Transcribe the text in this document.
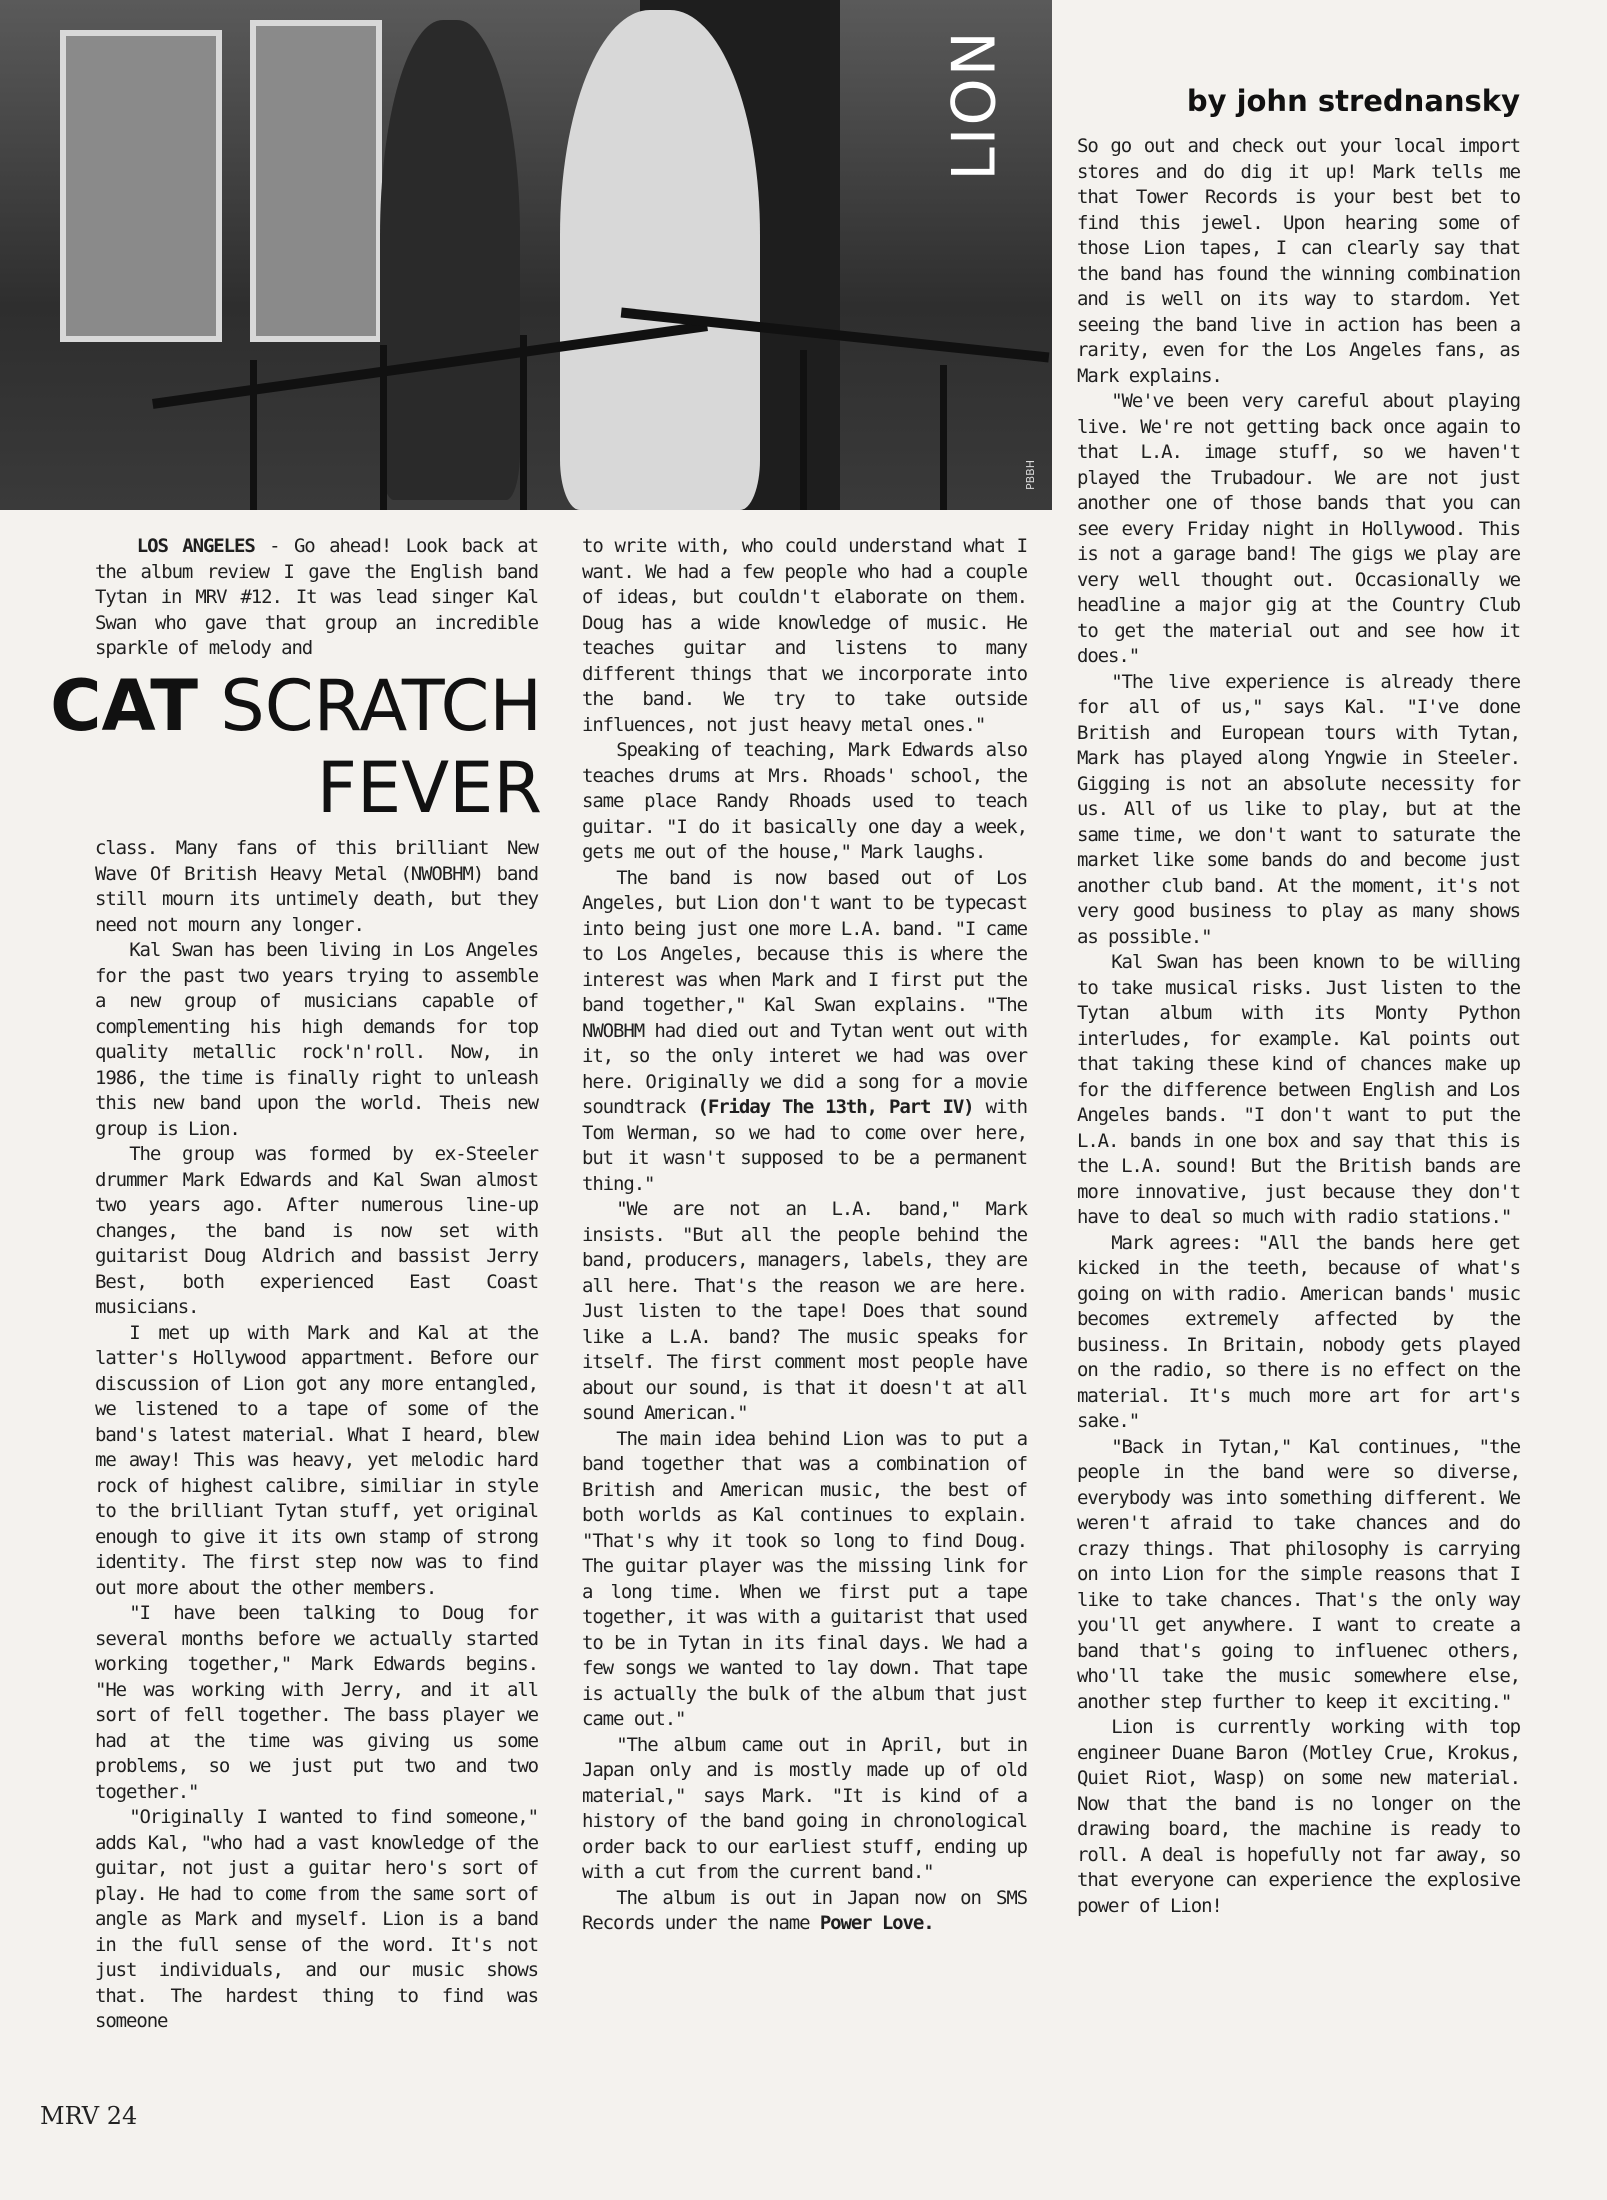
PBBH
LION	by john strednansky

LOS ANGELES - Go ahead! Look back at the album review I gave the English band Tytan in MRV #12. It was lead singer Kal Swan who gave that group an incredible sparkle of melody and

CAT SCRATCH
FEVER

class. Many fans of this brilliant New Wave Of British Heavy Metal (NWOBHM) band still mourn its untimely death, but they need not mourn any longer.

Kal Swan has been living in Los Angeles for the past two years trying to assemble a new group of musicians capable of complementing his high demands for top quality metallic rock'n'roll. Now, in 1986, the time is finally right to unleash this new band upon the world. Theis new group is Lion.

The group was formed by ex-Steeler drummer Mark Edwards and Kal Swan almost two years ago. After numerous line-up changes, the band is now set with guitarist Doug Aldrich and bassist Jerry Best, both experienced East Coast musicians.

I met up with Mark and Kal at the latter's Hollywood appartment. Before our discussion of Lion got any more entangled, we listened to a tape of some of the band's latest material. What I heard, blew me away! This was heavy, yet melodic hard rock of highest calibre, similiar in style to the brilliant Tytan stuff, yet original enough to give it its own stamp of strong identity. The first step now was to find out more about the other members.

"I have been talking to Doug for several months before we actually started working together," Mark Edwards begins. "He was working with Jerry, and it all sort of fell together. The bass player we had at the time was giving us some problems, so we just put two and two together."

"Originally I wanted to find someone," adds Kal, "who had a vast knowledge of the guitar, not just a guitar hero's sort of play. He had to come from the same sort of angle as Mark and myself. Lion is a band in the full sense of the word. It's not just individuals, and our music shows that. The hardest thing to find was someone

to write with, who could understand what I want. We had a few people who had a couple of ideas, but couldn't elaborate on them. Doug has a wide knowledge of music. He teaches guitar and listens to many different things that we incorporate into the band. We try to take outside influences, not just heavy metal ones."

Speaking of teaching, Mark Edwards also teaches drums at Mrs. Rhoads' school, the same place Randy Rhoads used to teach guitar. "I do it basically one day a week, gets me out of the house," Mark laughs.

The band is now based out of Los Angeles, but Lion don't want to be typecast into being just one more L.A. band. "I came to Los Angeles, because this is where the interest was when Mark and I first put the band together," Kal Swan explains. "The NWOBHM had died out and Tytan went out with it, so the only interet we had was over here. Originally we did a song for a movie soundtrack (Friday The 13th, Part IV) with Tom Werman, so we had to come over here, but it wasn't supposed to be a permanent thing."

"We are not an L.A. band," Mark insists. "But all the people behind the band, producers, managers, labels, they are all here. That's the reason we are here. Just listen to the tape! Does that sound like a L.A. band? The music speaks for itself. The first comment most people have about our sound, is that it doesn't at all sound American."

The main idea behind Lion was to put a band together that was a combination of British and American music, the best of both worlds as Kal continues to explain. "That's why it took so long to find Doug. The guitar player was the missing link for a long time. When we first put a tape together, it was with a guitarist that used to be in Tytan in its final days. We had a few songs we wanted to lay down. That tape is actually the bulk of the album that just came out."

"The album came out in April, but in Japan only and is mostly made up of old material," says Mark. "It is kind of a history of the band going in chronological order back to our earliest stuff, ending up with a cut from the current band."

The album is out in Japan now on SMS Records under the name Power Love.

So go out and check out your local import stores and do dig it up! Mark tells me that Tower Records is your best bet to find this jewel. Upon hearing some of those Lion tapes, I can clearly say that the band has found the winning combination and is well on its way to stardom. Yet seeing the band live in action has been a rarity, even for the Los Angeles fans, as Mark explains.

"We've been very careful about playing live. We're not getting back once again to that L.A. image stuff, so we haven't played the Trubadour. We are not just another one of those bands that you can see every Friday night in Hollywood. This is not a garage band! The gigs we play are very well thought out. Occasionally we headline a major gig at the Country Club to get the material out and see how it does."

"The live experience is already there for all of us," says Kal. "I've done British and European tours with Tytan, Mark has played along Yngwie in Steeler. Gigging is not an absolute necessity for us. All of us like to play, but at the same time, we don't want to saturate the market like some bands do and become just another club band. At the moment, it's not very good business to play as many shows as possible."

Kal Swan has been known to be willing to take musical risks. Just listen to the Tytan album with its Monty Python interludes, for example. Kal points out that taking these kind of chances make up for the difference between English and Los Angeles bands. "I don't want to put the L.A. bands in one box and say that this is the L.A. sound! But the British bands are more innovative, just because they don't have to deal so much with radio stations."

Mark agrees: "All the bands here get kicked in the teeth, because of what's going on with radio. American bands' music becomes extremely affected by the business. In Britain, nobody gets played on the radio, so there is no effect on the material. It's much more art for art's sake."

"Back in Tytan," Kal continues, "the people in the band were so diverse, everybody was into something different. We weren't afraid to take chances and do crazy things. That philosophy is carrying on into Lion for the simple reasons that I like to take chances. That's the only way you'll get anywhere. I want to create a band that's going to influenec others, who'll take the music somewhere else, another step further to keep it exciting."

Lion is currently working with top engineer Duane Baron (Motley Crue, Krokus, Quiet Riot, Wasp) on some new material. Now that the band is no longer on the drawing board, the machine is ready to roll. A deal is hopefully not far away, so that everyone can experience the explosive power of Lion!

MRV 24
